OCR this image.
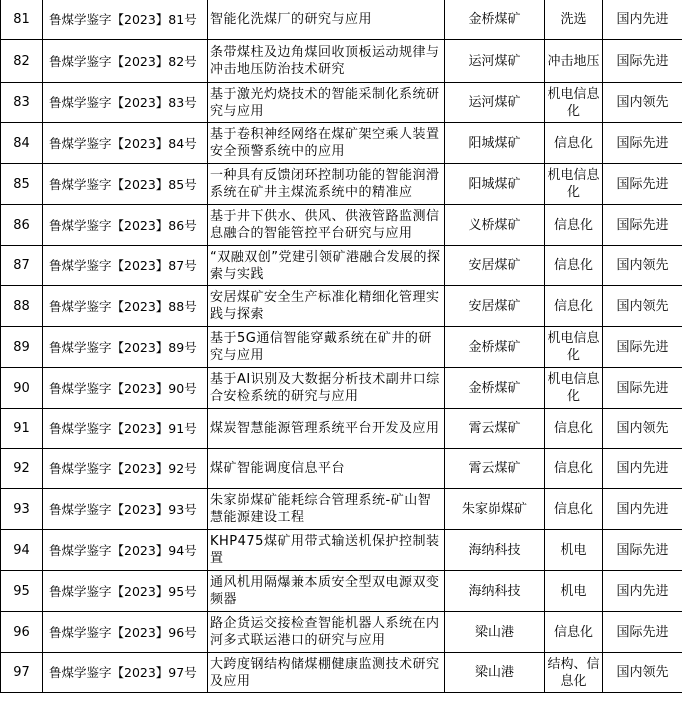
81	鲁煤学鉴字【2023】81号	智能化洗煤厂的研究与应用	金桥煤矿	洗选	国内先进
82	鲁煤学鉴字【2023】82号	条带煤柱及边角煤回收顶板运动规律与冲击地压防治技术研究	运河煤矿	冲击地压	国际先进
83	鲁煤学鉴字【2023】83号	基于激光灼烧技术的智能采制化系统研究与应用	运河煤矿	机电信息化	国内领先
84	鲁煤学鉴字【2023】84号	基于卷积神经网络在煤矿架空乘人装置安全预警系统中的应用	阳城煤矿	信息化	国际先进
85	鲁煤学鉴字【2023】85号	一种具有反馈闭环控制功能的智能润滑系统在矿井主煤流系统中的精准应	阳城煤矿	机电信息化	国际先进
86	鲁煤学鉴字【2023】86号	基于井下供水、供风、供液管路监测信息融合的智能管控平台研究与应用	义桥煤矿	信息化	国际先进
87	鲁煤学鉴字【2023】87号	“双融双创”党建引领矿港融合发展的探索与实践	安居煤矿	信息化	国内领先
88	鲁煤学鉴字【2023】88号	安居煤矿安全生产标准化精细化管理实践与探索	安居煤矿	信息化	国内领先
89	鲁煤学鉴字【2023】89号	基于5G通信智能穿戴系统在矿井的研究与应用	金桥煤矿	机电信息化	国际先进
90	鲁煤学鉴字【2023】90号	基于AI识别及大数据分析技术副井口综合安检系统的研究与应用	金桥煤矿	机电信息化	国际先进
91	鲁煤学鉴字【2023】91号	煤炭智慧能源管理系统平台开发及应用	霄云煤矿	信息化	国内领先
92	鲁煤学鉴字【2023】92号	煤矿智能调度信息平台	霄云煤矿	信息化	国内先进
93	鲁煤学鉴字【2023】93号	朱家峁煤矿能耗综合管理系统-矿山智慧能源建设工程	朱家峁煤矿	信息化	国内先进
94	鲁煤学鉴字【2023】94号	KHP475煤矿用带式输送机保护控制装置	海纳科技	机电	国际先进
95	鲁煤学鉴字【2023】95号	通风机用隔爆兼本质安全型双电源双变频器	海纳科技	机电	国内先进
96	鲁煤学鉴字【2023】96号	路企货运交接检查智能机器人系统在内河多式联运港口的研究与应用	梁山港	信息化	国际先进
97	鲁煤学鉴字【2023】97号	大跨度钢结构储煤棚健康监测技术研究及应用	梁山港	结构、信息化	国内领先
